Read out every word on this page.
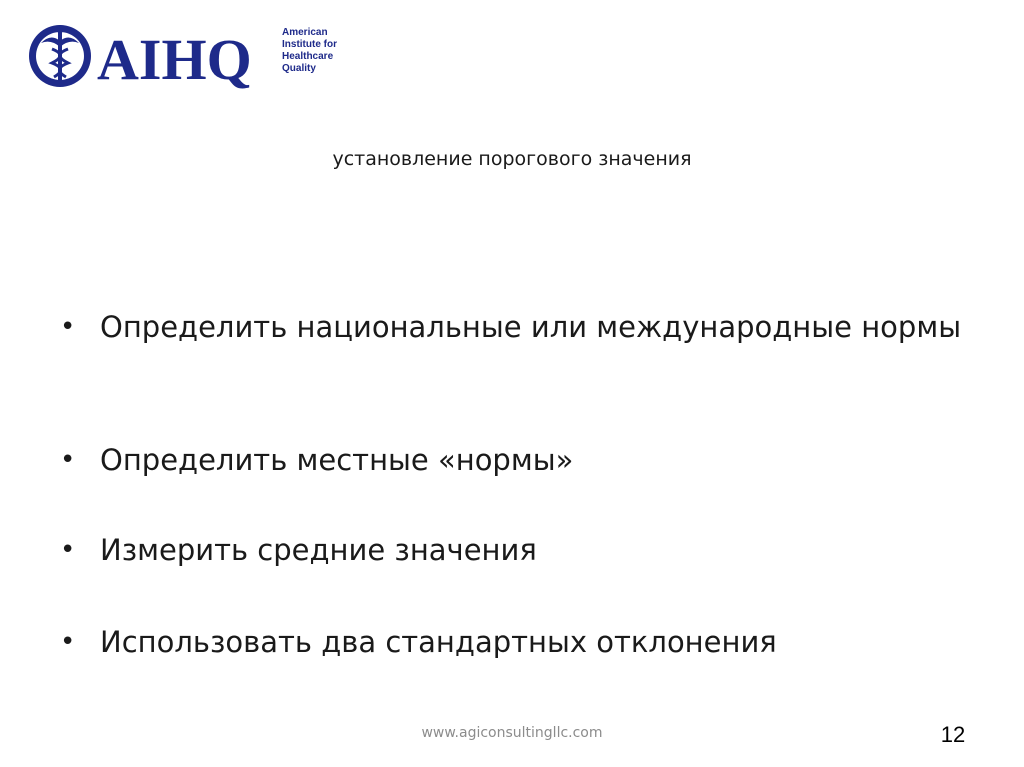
AIHQ	American
Institute for
Healthcare
Quality
установление порогового значения
• Определить национальные или международные нормы
• Определить местные «нормы»
• Измерить средние значения
• Использовать два стандартных отклонения
www.agiconsultingllc.com	12
